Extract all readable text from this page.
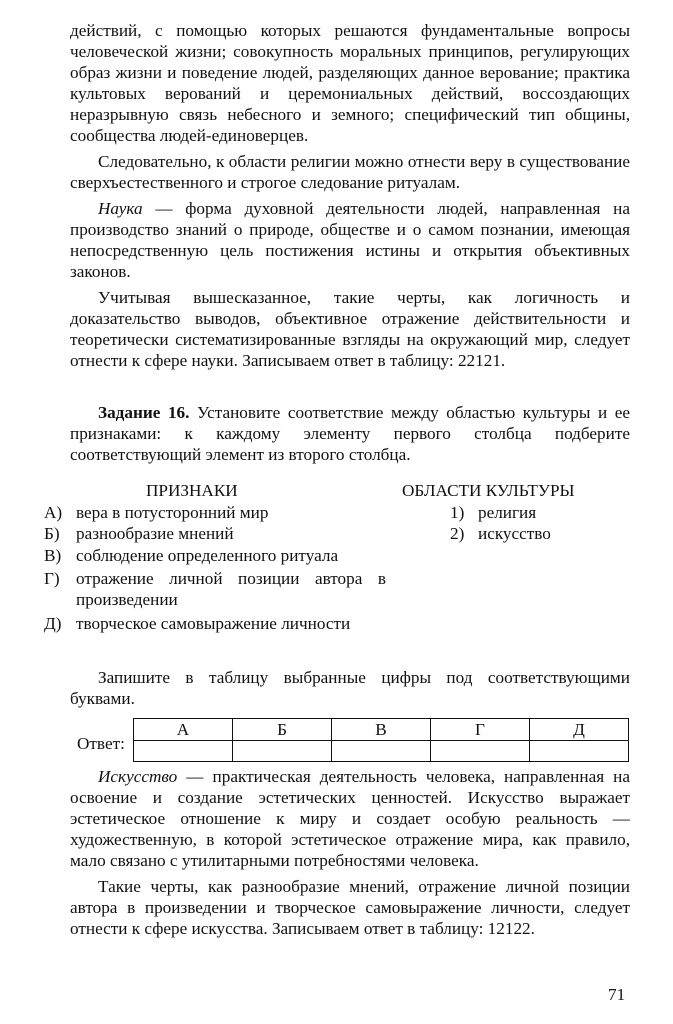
действий, с помощью которых решаются фундаментальные вопросы человеческой жизни; совокупность моральных принципов, регулирующих образ жизни и поведение людей, разделяющих данное верование; практика культовых верований и церемониальных действий, воссоздающих неразрывную связь небесного и земного; специфический тип общины, сообщества людей-единоверцев.

Следовательно, к области религии можно отнести веру в существование сверхъестественного и строгое следование ритуалам.

Наука — форма духовной деятельности людей, направленная на производство знаний о природе, обществе и о самом познании, имеющая непосредственную цель постижения истины и открытия объективных законов.

Учитывая вышесказанное, такие черты, как логичность и доказательство выводов, объективное отражение действительности и теоретически систематизированные взгляды на окружающий мир, следует отнести к сфере науки. Записываем ответ в таблицу: 22121.

Задание 16. Установите соответствие между областью культуры и ее признаками: к каждому элементу первого столбца подберите соответствующий элемент из второго столбца.

ПРИЗНАКИ	ОБЛАСТИ КУЛЬТУРЫ
А) вера в потусторонний мир
Б) разнообразие мнений
В) соблюдение определенного ритуала
Г) отражение личной позиции автора в произведении
Д) творческое самовыражение личности
1) религия
2) искусство

Запишите в таблицу выбранные цифры под соответствующими буквами.

Ответ:
А	Б	В	Г	Д

Искусство — практическая деятельность человека, направленная на освоение и создание эстетических ценностей. Искусство выражает эстетическое отношение к миру и создает особую реальность — художественную, в которой эстетическое отражение мира, как правило, мало связано с утилитарными потребностями человека.

Такие черты, как разнообразие мнений, отражение личной позиции автора в произведении и творческое самовыражение личности, следует отнести к сфере искусства. Записываем ответ в таблицу: 12122.

71
